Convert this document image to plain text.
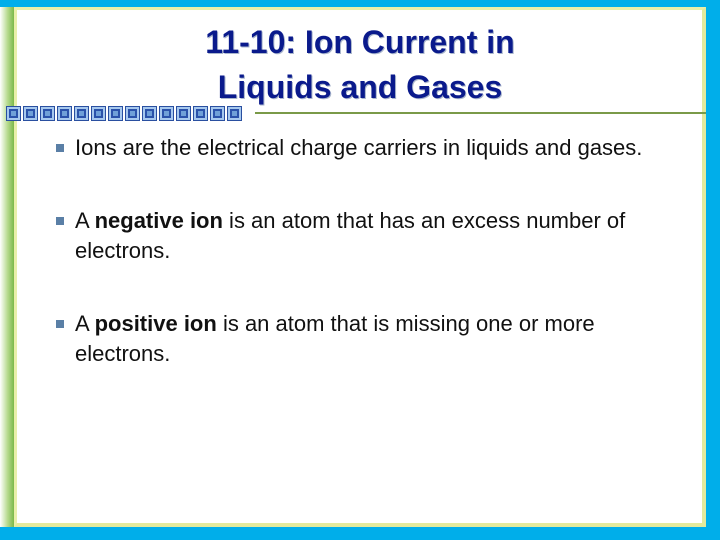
11-10: Ion Current in
Liquids and Gases
Ions are the electrical charge carriers in liquids and gases.
A negative ion is an atom that has an excess number of electrons.
A positive ion is an atom that is missing one or more electrons.
